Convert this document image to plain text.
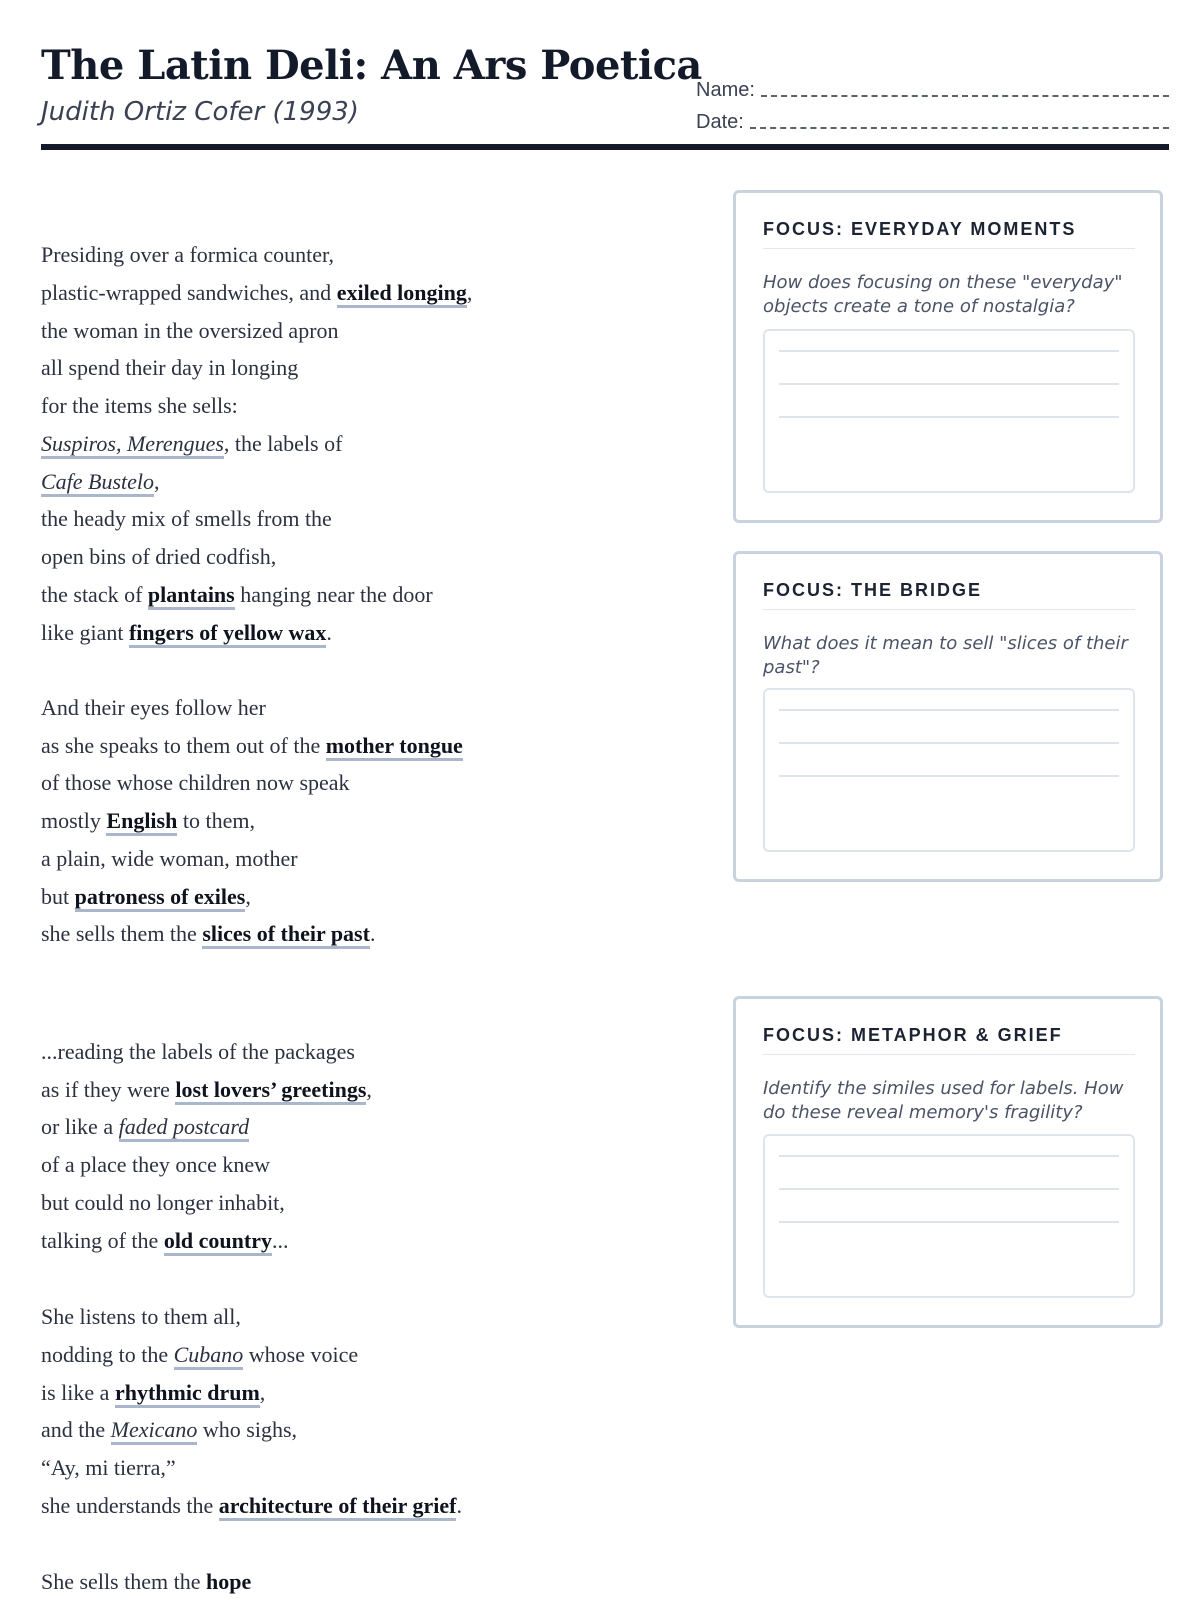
The Latin Deli: An Ars Poetica
Judith Ortiz Cofer (1993)
Name:
Date:
Presiding over a formica counter,
plastic-wrapped sandwiches, and exiled longing,
the woman in the oversized apron
all spend their day in longing
for the items she sells:
Suspiros, Merengues, the labels of
Cafe Bustelo,
the heady mix of smells from the
open bins of dried codfish,
the stack of plantains hanging near the door
like giant fingers of yellow wax.
And their eyes follow her
as she speaks to them out of the mother tongue
of those whose children now speak
mostly English to them,
a plain, wide woman, mother
but patroness of exiles,
she sells them the slices of their past.
...reading the labels of the packages
as if they were lost lovers’ greetings,
or like a faded postcard
of a place they once knew
but could no longer inhabit,
talking of the old country...
She listens to them all,
nodding to the Cubano whose voice
is like a rhythmic drum,
and the Mexicano who sighs,
“Ay, mi tierra,”
she understands the architecture of their grief.
She sells them the hope
FOCUS: EVERYDAY MOMENTS
How does focusing on these "everyday" objects create a tone of nostalgia?
FOCUS: THE BRIDGE
What does it mean to sell "slices of their past"?
FOCUS: METAPHOR & GRIEF
Identify the similes used for labels. How do these reveal memory's fragility?
